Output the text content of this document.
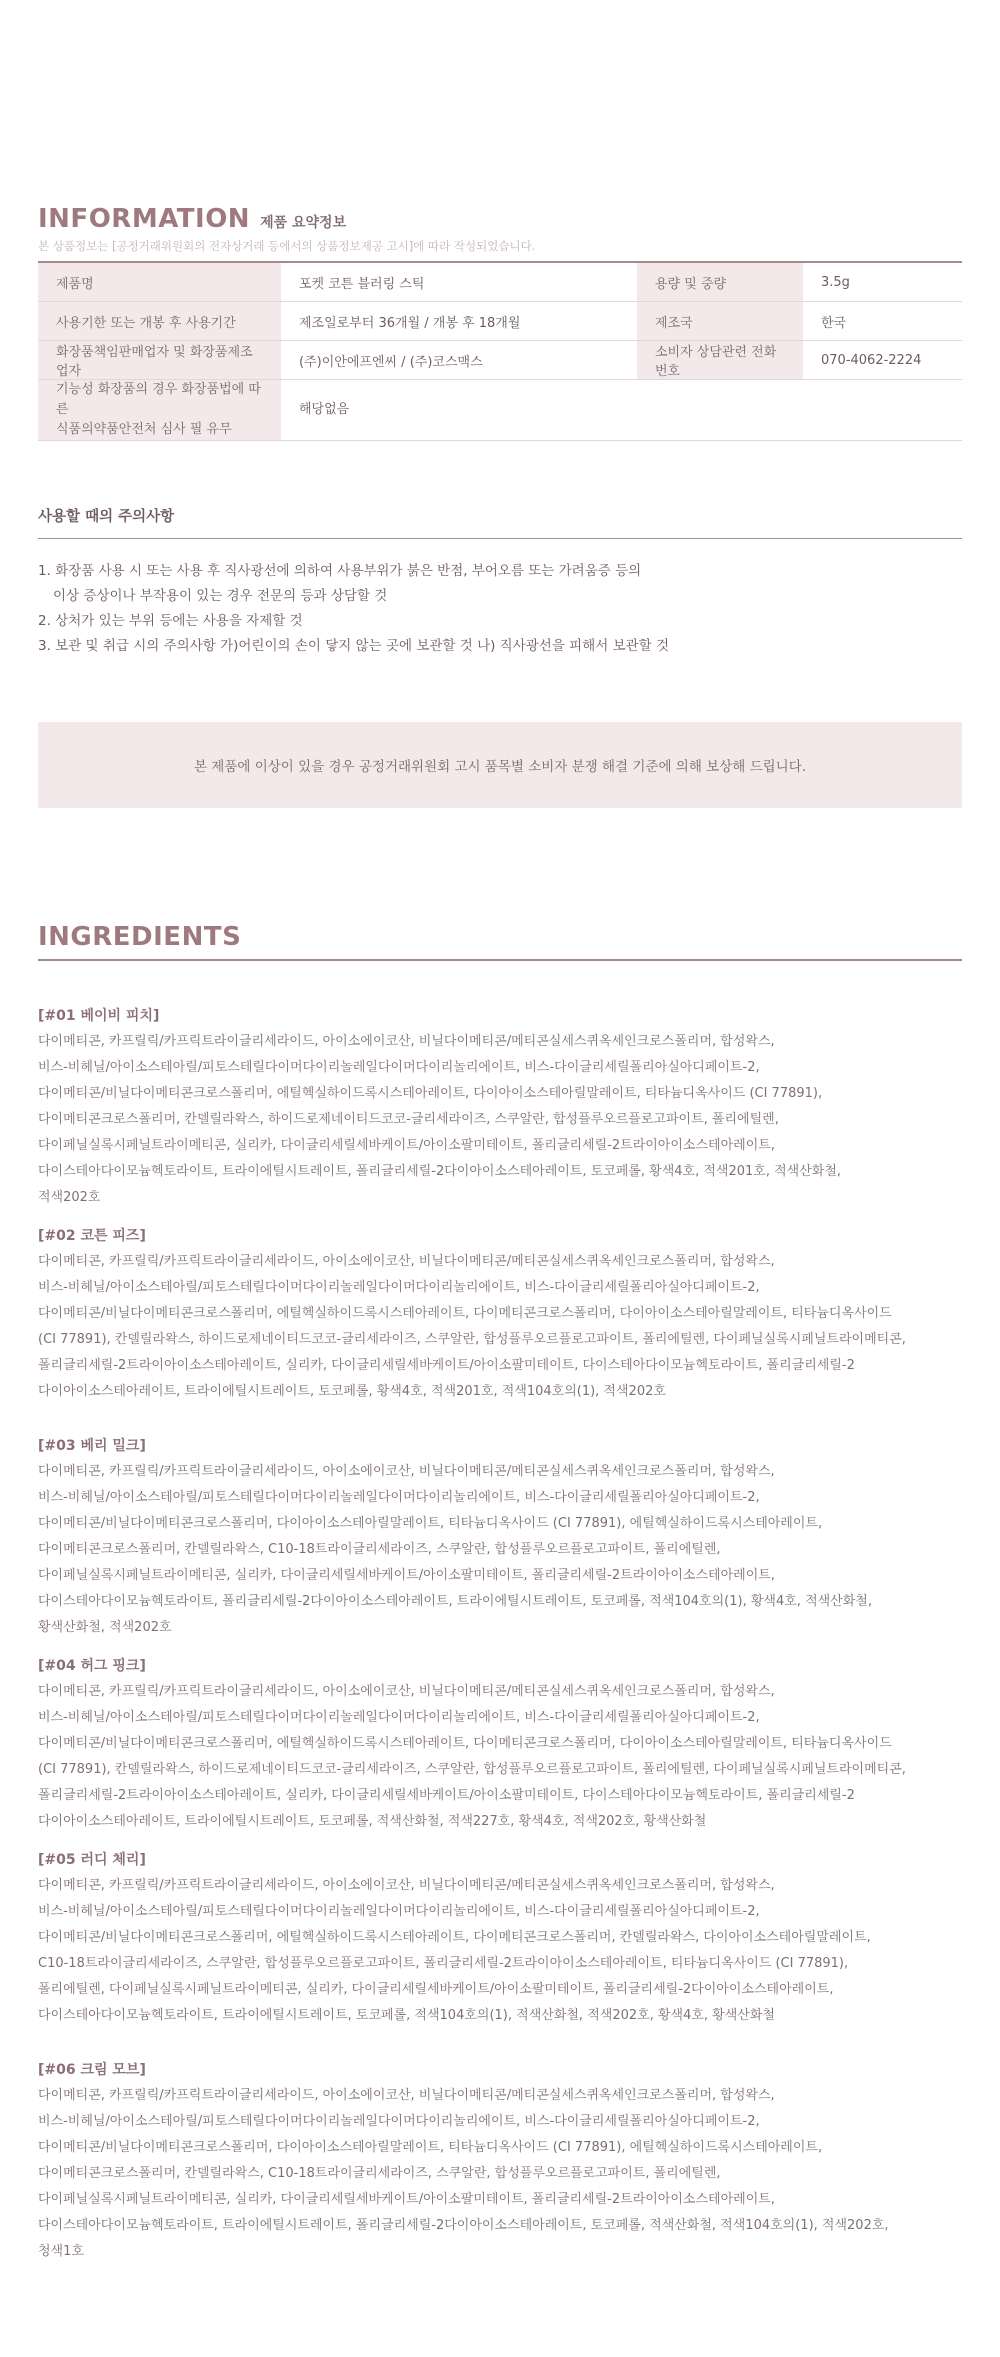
INFORMATION 제품 요약정보
본 상품정보는 [공정거래위원회의 전자상거래 등에서의 상품정보제공 고시]에 따라 작성되었습니다.
제품명	포켓 코튼 블러링 스틱	용량 및 중량	3.5g
사용기한 또는 개봉 후 사용기간	제조일로부터 36개월 / 개봉 후 18개월	제조국	한국
화장품책임판매업자 및 화장품제조업자	(주)이안에프엔씨 / (주)코스맥스	소비자 상담관련 전화번호	070-4062-2224
기능성 화장품의 경우 화장품법에 따른
식품의약품안전처 심사 필 유무	해당없음		
사용할 때의 주의사항
1. 화장품 사용 시 또는 사용 후 직사광선에 의하여 사용부위가 붉은 반점, 부어오름 또는 가려움증 등의
이상 증상이나 부작용이 있는 경우 전문의 등과 상담할 것
2. 상처가 있는 부위 등에는 사용을 자제할 것
3. 보관 및 취급 시의 주의사항 가)어린이의 손이 닿지 않는 곳에 보관할 것 나) 직사광선을 피해서 보관할 것
본 제품에 이상이 있을 경우 공정거래위원회 고시 품목별 소비자 분쟁 해결 기준에 의해 보상해 드립니다.
INGREDIENTS
[#01 베이비 피치]
다이메티콘, 카프릴릭/카프릭트라이글리세라이드, 아이소에이코산, 비닐다이메티콘/메티콘실세스퀴옥세인크로스폴리머, 합성왁스,
비스-비헤닐/아이소스테아릴/피토스테릴다이머다이리놀레일다이머다이리놀리에이트, 비스-다이글리세릴폴리아실아디페이트-2,
다이메티콘/비닐다이메티콘크로스폴리머, 에틸헥실하이드록시스테아레이트, 다이아이소스테아릴말레이트, 티타늄디옥사이드 (CI 77891),
다이메티콘크로스폴리머, 칸델릴라왁스, 하이드로제네이티드코코-글리세라이즈, 스쿠알란, 합성플루오르플로고파이트, 폴리에틸렌,
다이페닐실록시페닐트라이메티콘, 실리카, 다이글리세릴세바케이트/아이소팔미테이트, 폴리글리세릴-2트라이아이소스테아레이트,
다이스테아다이모늄헥토라이트, 트라이에틸시트레이트, 폴리글리세릴-2다이아이소스테아레이트, 토코페롤, 황색4호, 적색201호, 적색산화철,
적색202호
[#02 코튼 피즈]
다이메티콘, 카프릴릭/카프릭트라이글리세라이드, 아이소에이코산, 비닐다이메티콘/메티콘실세스퀴옥세인크로스폴리머, 합성왁스,
비스-비헤닐/아이소스테아릴/피토스테릴다이머다이리놀레일다이머다이리놀리에이트, 비스-다이글리세릴폴리아실아디페이트-2,
다이메티콘/비닐다이메티콘크로스폴리머, 에틸헥실하이드록시스테아레이트, 다이메티콘크로스폴리머, 다이아이소스테아릴말레이트, 티타늄디옥사이드
(CI 77891), 칸델릴라왁스, 하이드로제네이티드코코-글리세라이즈, 스쿠알란, 합성플루오르플로고파이트, 폴리에틸렌, 다이페닐실록시페닐트라이메티콘,
폴리글리세릴-2트라이아이소스테아레이트, 실리카, 다이글리세릴세바케이트/아이소팔미테이트, 다이스테아다이모늄헥토라이트, 폴리글리세릴-2
다이아이소스테아레이트, 트라이에틸시트레이트, 토코페롤, 황색4호, 적색201호, 적색104호의(1), 적색202호
[#03 베리 밀크]
다이메티콘, 카프릴릭/카프릭트라이글리세라이드, 아이소에이코산, 비닐다이메티콘/메티콘실세스퀴옥세인크로스폴리머, 합성왁스,
비스-비헤닐/아이소스테아릴/피토스테릴다이머다이리놀레일다이머다이리놀리에이트, 비스-다이글리세릴폴리아실아디페이트-2,
다이메티콘/비닐다이메티콘크로스폴리머, 다이아이소스테아릴말레이트, 티타늄디옥사이드 (CI 77891), 에틸헥실하이드록시스테아레이트,
다이메티콘크로스폴리머, 칸델릴라왁스, C10-18트라이글리세라이즈, 스쿠알란, 합성플루오르플로고파이트, 폴리에틸렌,
다이페닐실록시페닐트라이메티콘, 실리카, 다이글리세릴세바케이트/아이소팔미테이트, 폴리글리세릴-2트라이아이소스테아레이트,
다이스테아다이모늄헥토라이트, 폴리글리세릴-2다이아이소스테아레이트, 트라이에틸시트레이트, 토코페롤, 적색104호의(1), 황색4호, 적색산화철,
황색산화철, 적색202호
[#04 허그 핑크]
다이메티콘, 카프릴릭/카프릭트라이글리세라이드, 아이소에이코산, 비닐다이메티콘/메티콘실세스퀴옥세인크로스폴리머, 합성왁스,
비스-비헤닐/아이소스테아릴/피토스테릴다이머다이리놀레일다이머다이리놀리에이트, 비스-다이글리세릴폴리아실아디페이트-2,
다이메티콘/비닐다이메티콘크로스폴리머, 에틸헥실하이드록시스테아레이트, 다이메티콘크로스폴리머, 다이아이소스테아릴말레이트, 티타늄디옥사이드
(CI 77891), 칸델릴라왁스, 하이드로제네이티드코코-글리세라이즈, 스쿠알란, 합성플루오르플로고파이트, 폴리에틸렌, 다이페닐실록시페닐트라이메티콘,
폴리글리세릴-2트라이아이소스테아레이트, 실리카, 다이글리세릴세바케이트/아이소팔미테이트, 다이스테아다이모늄헥토라이트, 폴리글리세릴-2
다이아이소스테아레이트, 트라이에틸시트레이트, 토코페롤, 적색산화철, 적색227호, 황색4호, 적색202호, 황색산화철
[#05 러디 체리]
다이메티콘, 카프릴릭/카프릭트라이글리세라이드, 아이소에이코산, 비닐다이메티콘/메티콘실세스퀴옥세인크로스폴리머, 합성왁스,
비스-비헤닐/아이소스테아릴/피토스테릴다이머다이리놀레일다이머다이리놀리에이트, 비스-다이글리세릴폴리아실아디페이트-2,
다이메티콘/비닐다이메티콘크로스폴리머, 에틸헥실하이드록시스테아레이트, 다이메티콘크로스폴리머, 칸델릴라왁스, 다이아이소스테아릴말레이트,
C10-18트라이글리세라이즈, 스쿠알란, 합성플루오르플로고파이트, 폴리글리세릴-2트라이아이소스테아레이트, 티타늄디옥사이드 (CI 77891),
폴리에틸렌, 다이페닐실록시페닐트라이메티콘, 실리카, 다이글리세릴세바케이트/아이소팔미테이트, 폴리글리세릴-2다이아이소스테아레이트,
다이스테아다이모늄헥토라이트, 트라이에틸시트레이트, 토코페롤, 적색104호의(1), 적색산화철, 적색202호, 황색4호, 황색산화철
[#06 크림 모브]
다이메티콘, 카프릴릭/카프릭트라이글리세라이드, 아이소에이코산, 비닐다이메티콘/메티콘실세스퀴옥세인크로스폴리머, 합성왁스,
비스-비헤닐/아이소스테아릴/피토스테릴다이머다이리놀레일다이머다이리놀리에이트, 비스-다이글리세릴폴리아실아디페이트-2,
다이메티콘/비닐다이메티콘크로스폴리머, 다이아이소스테아릴말레이트, 티타늄디옥사이드 (CI 77891), 에틸헥실하이드록시스테아레이트,
다이메티콘크로스폴리머, 칸델릴라왁스, C10-18트라이글리세라이즈, 스쿠알란, 합성플루오르플로고파이트, 폴리에틸렌,
다이페닐실록시페닐트라이메티콘, 실리카, 다이글리세릴세바케이트/아이소팔미테이트, 폴리글리세릴-2트라이아이소스테아레이트,
다이스테아다이모늄헥토라이트, 트라이에틸시트레이트, 폴리글리세릴-2다이아이소스테아레이트, 토코페롤, 적색산화철, 적색104호의(1), 적색202호,
청색1호
